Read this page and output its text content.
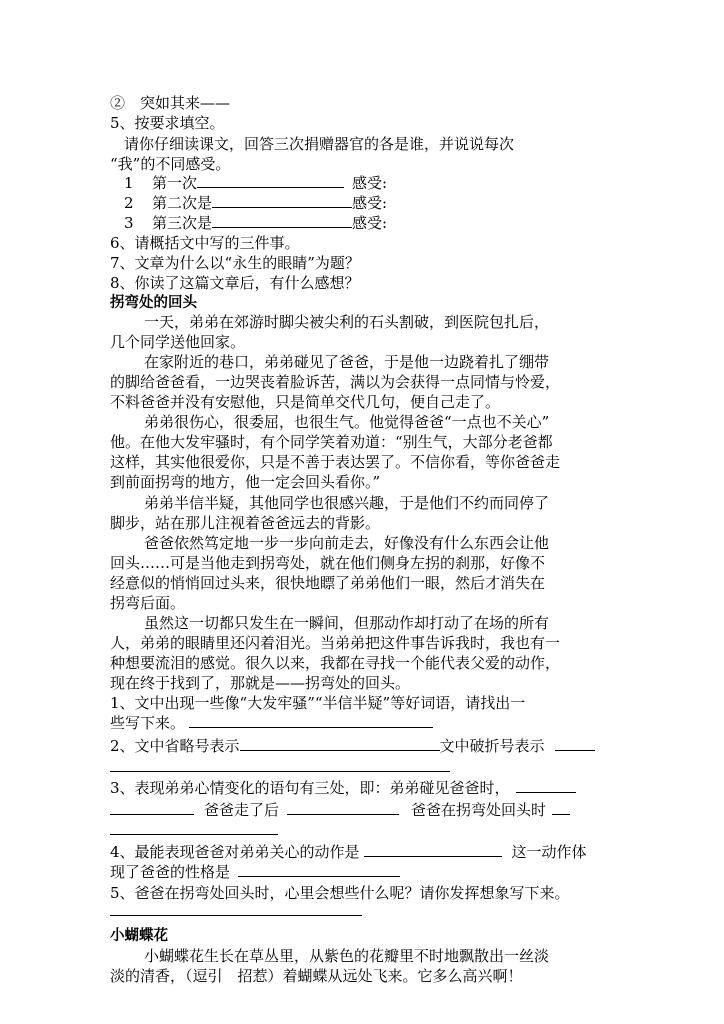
②　突如其来——
5、按要求填空。
请你仔细读课文，回答三次捐赠器官的各是谁，并说说每次
“我”的不同感受。
1 第一次	感受:
2 第二次是	感受:
3 第三次是	感受:
6、请概括文中写的三件事。
7、文章为什么以“永生的眼睛”为题？
8、你读了这篇文章后，有什么感想？
拐弯处的回头
一天，弟弟在郊游时脚尖被尖利的石头割破，到医院包扎后，
几个同学送他回家。
在家附近的巷口，弟弟碰见了爸爸，于是他一边跷着扎了绷带
的脚给爸爸看，一边哭丧着脸诉苦，满以为会获得一点同情与怜爱，
不料爸爸并没有安慰他，只是简单交代几句，便自己走了。
弟弟很伤心，很委屈，也很生气。他觉得爸爸“一点也不关心”
他。在他大发牢骚时，有个同学笑着劝道：“别生气，大部分老爸都
这样，其实他很爱你，只是不善于表达罢了。不信你看，等你爸爸走
到前面拐弯的地方，他一定会回头看你。”
弟弟半信半疑，其他同学也很感兴趣，于是他们不约而同停了
脚步，站在那儿注视着爸爸远去的背影。
爸爸依然笃定地一步一步向前走去，好像没有什么东西会让他
回头……可是当他走到拐弯处，就在他们侧身左拐的刹那，好像不
经意似的悄悄回过头来，很快地瞟了弟弟他们一眼，然后才消失在
拐弯后面。
虽然这一切都只发生在一瞬间，但那动作却打动了在场的所有
人，弟弟的眼睛里还闪着泪光。当弟弟把这件事告诉我时，我也有一
种想要流泪的感觉。很久以来，我都在寻找一个能代表父爱的动作，
现在终于找到了，那就是——拐弯处的回头。
1、文中出现一些像“大发牢骚”“半信半疑”等好词语，请找出一
些写下来。
2、文中省略号表示	文中破折号表示
3、表现弟弟心情变化的语句有三处，即：弟弟碰见爸爸时，
爸爸走了后	爸爸在拐弯处回头时
4、最能表现爸爸对弟弟关心的动作是	这一动作体
现了爸爸的性格是
5、爸爸在拐弯处回头时，心里会想些什么呢？请你发挥想象写下来。
小蝴蝶花
小蝴蝶花生长在草丛里，从紫色的花瓣里不时地飘散出一丝淡
淡的清香，（逗引　招惹）着蝴蝶从远处飞来。它多么高兴啊！
